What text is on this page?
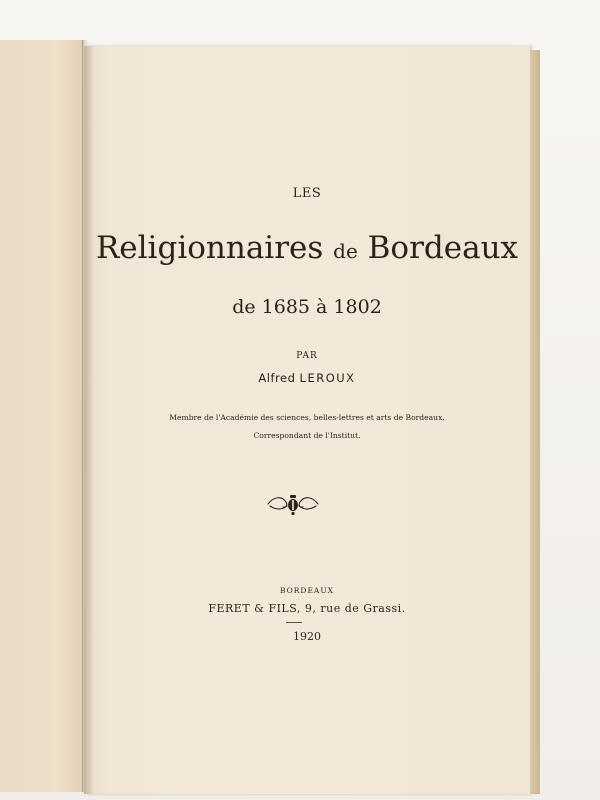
LES
Religionnaires de Bordeaux
de 1685 à 1802
PAR
Alfred LEROUX
Membre de l'Académie des sciences, belles-lettres et arts de Bordeaux,
Correspondant de l'Institut.
BORDEAUX
FERET & FILS, 9, rue de Grassi.
1920
